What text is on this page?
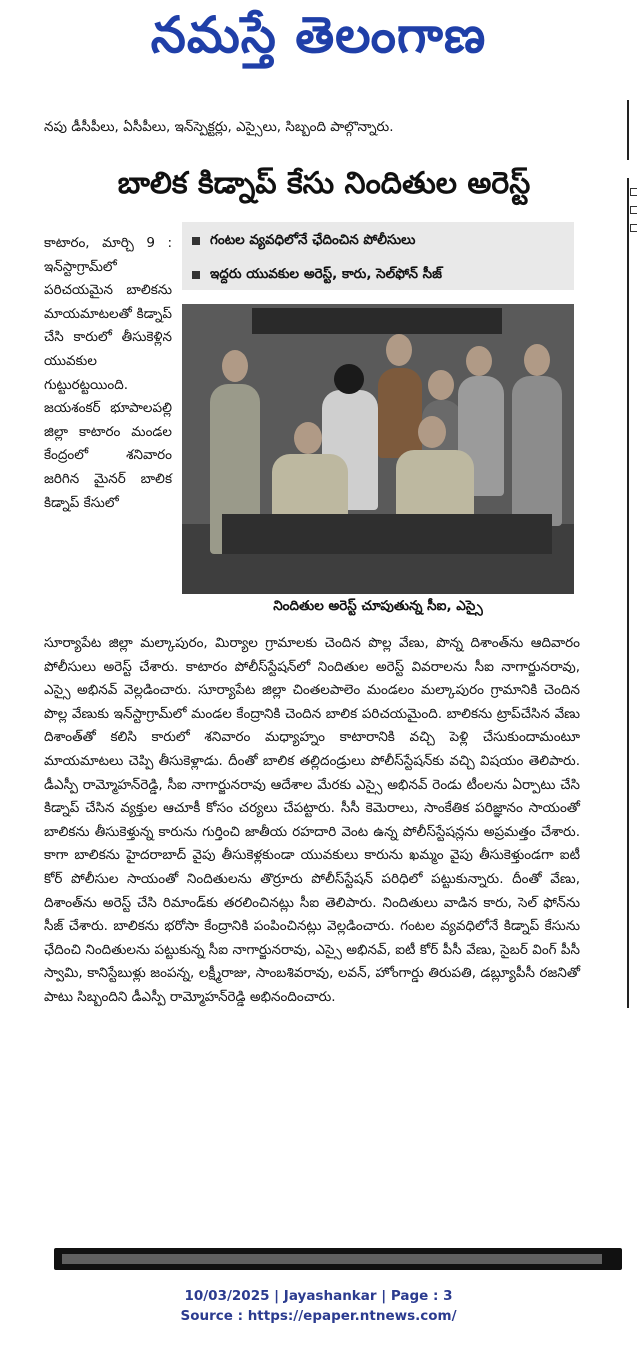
నమస్తే తెలంగాణ
నపు డీసీపీలు, ఏసీపీలు, ఇన్‌స్పెక్టర్లు, ఎస్సైలు, సిబ్బంది పాల్గొన్నారు.
బాలిక కిడ్నాప్ కేసు నిందితుల అరెస్ట్
కాటారం, మార్చి 9 : ఇన్‌స్టాగ్రామ్‌లో పరిచయమైన బాలికను మాయమాటలతో కిడ్నాప్ చేసి కారులో తీసుకెళ్లిన యువకుల గుట్టురట్టయింది. జయశంకర్ భూపాలపల్లి జిల్లా కాటారం మండల కేంద్రంలో శనివారం జరిగిన మైనర్ బాలిక కిడ్నాప్ కేసులో
గంటల వ్యవధిలోనే ఛేదించిన పోలీసులు
ఇద్దరు యువకుల అరెస్ట్, కారు, సెల్‌ఫోన్ సీజ్
నిందితుల అరెస్ట్ చూపుతున్న సీఐ, ఎస్సై
సూర్యాపేట జిల్లా మల్కాపురం, మిర్యాల గ్రామాలకు చెందిన పొల్ల వేణు, పొన్న దిశాంత్‌ను ఆదివారం పోలీసులు అరెస్ట్ చేశారు. కాటారం పోలీస్‌స్టేషన్‌లో నిందితుల అరెస్ట్ వివరాలను సీఐ నాగార్జునరావు, ఎస్సై అభినవ్ వెల్లడించారు. సూర్యాపేట జిల్లా చింతలపాలెం మండలం మల్కాపురం గ్రామానికి చెందిన పొల్ల వేణుకు ఇన్‌స్టాగ్రామ్‌లో మండల కేంద్రానికి చెందిన బాలిక పరిచయమైంది. బాలికను ట్రాప్‌చేసిన వేణు దిశాంత్‌తో కలిసి కారులో శనివారం మధ్యాహ్నం కాటారానికి వచ్చి పెళ్లి చేసుకుందామంటూ మాయమాటలు చెప్పి తీసుకెళ్లాడు. దీంతో బాలిక తల్లిదండ్రులు పోలీస్‌స్టేషన్‌కు వచ్చి విషయం తెలిపారు. డీఎస్పీ రామ్మోహన్‌రెడ్డి, సీఐ నాగార్జునరావు ఆదేశాల మేరకు ఎస్సై అభినవ్ రెండు టీంలను ఏర్పాటు చేసి కిడ్నాప్ చేసిన వ్యక్తుల ఆచూకీ కోసం చర్యలు చేపట్టారు. సీసీ కెమెరాలు, సాంకేతిక పరిజ్ఞానం సాయంతో బాలికను తీసుకెళ్తున్న కారును గుర్తించి జాతీయ రహదారి వెంట ఉన్న పోలీస్‌స్టేషన్లను అప్రమత్తం చేశారు. కాగా బాలికను హైదరాబాద్ వైపు తీసుకెళ్లకుండా యువకులు కారును ఖమ్మం వైపు తీసుకెళ్తుండగా ఐటీ కోర్ పోలీసుల సాయంతో నిందితులను తొర్రూరు పోలీస్‌స్టేషన్ పరిధిలో పట్టుకున్నారు. దీంతో వేణు, దిశాంత్‌ను అరెస్ట్ చేసి రిమాండ్‌కు తరలించినట్లు సీఐ తెలిపారు. నిందితులు వాడిన కారు, సెల్ ఫోన్‌ను సీజ్ చేశారు. బాలికను భరోసా కేంద్రానికి పంపించినట్లు వెల్లడించారు. గంటల వ్యవధిలోనే కిడ్నాప్ కేసును ఛేదించి నిందితులను పట్టుకున్న సీఐ నాగార్జునరావు, ఎస్సై అభినవ్, ఐటీ కోర్ పీసీ వేణు, సైబర్ వింగ్ పీసీ స్వామి, కానిస్టేబుళ్లు జంపన్న, లక్ష్మీరాజు, సాంబశివరావు, లవన్, హోంగార్డు తిరుపతి, డబ్ల్యూపీసీ రజనితో పాటు సిబ్బందిని డీఎస్పీ రామ్మోహన్‌రెడ్డి అభినందించారు.
10/03/2025 | Jayashankar | Page : 3
Source : https://epaper.ntnews.com/
